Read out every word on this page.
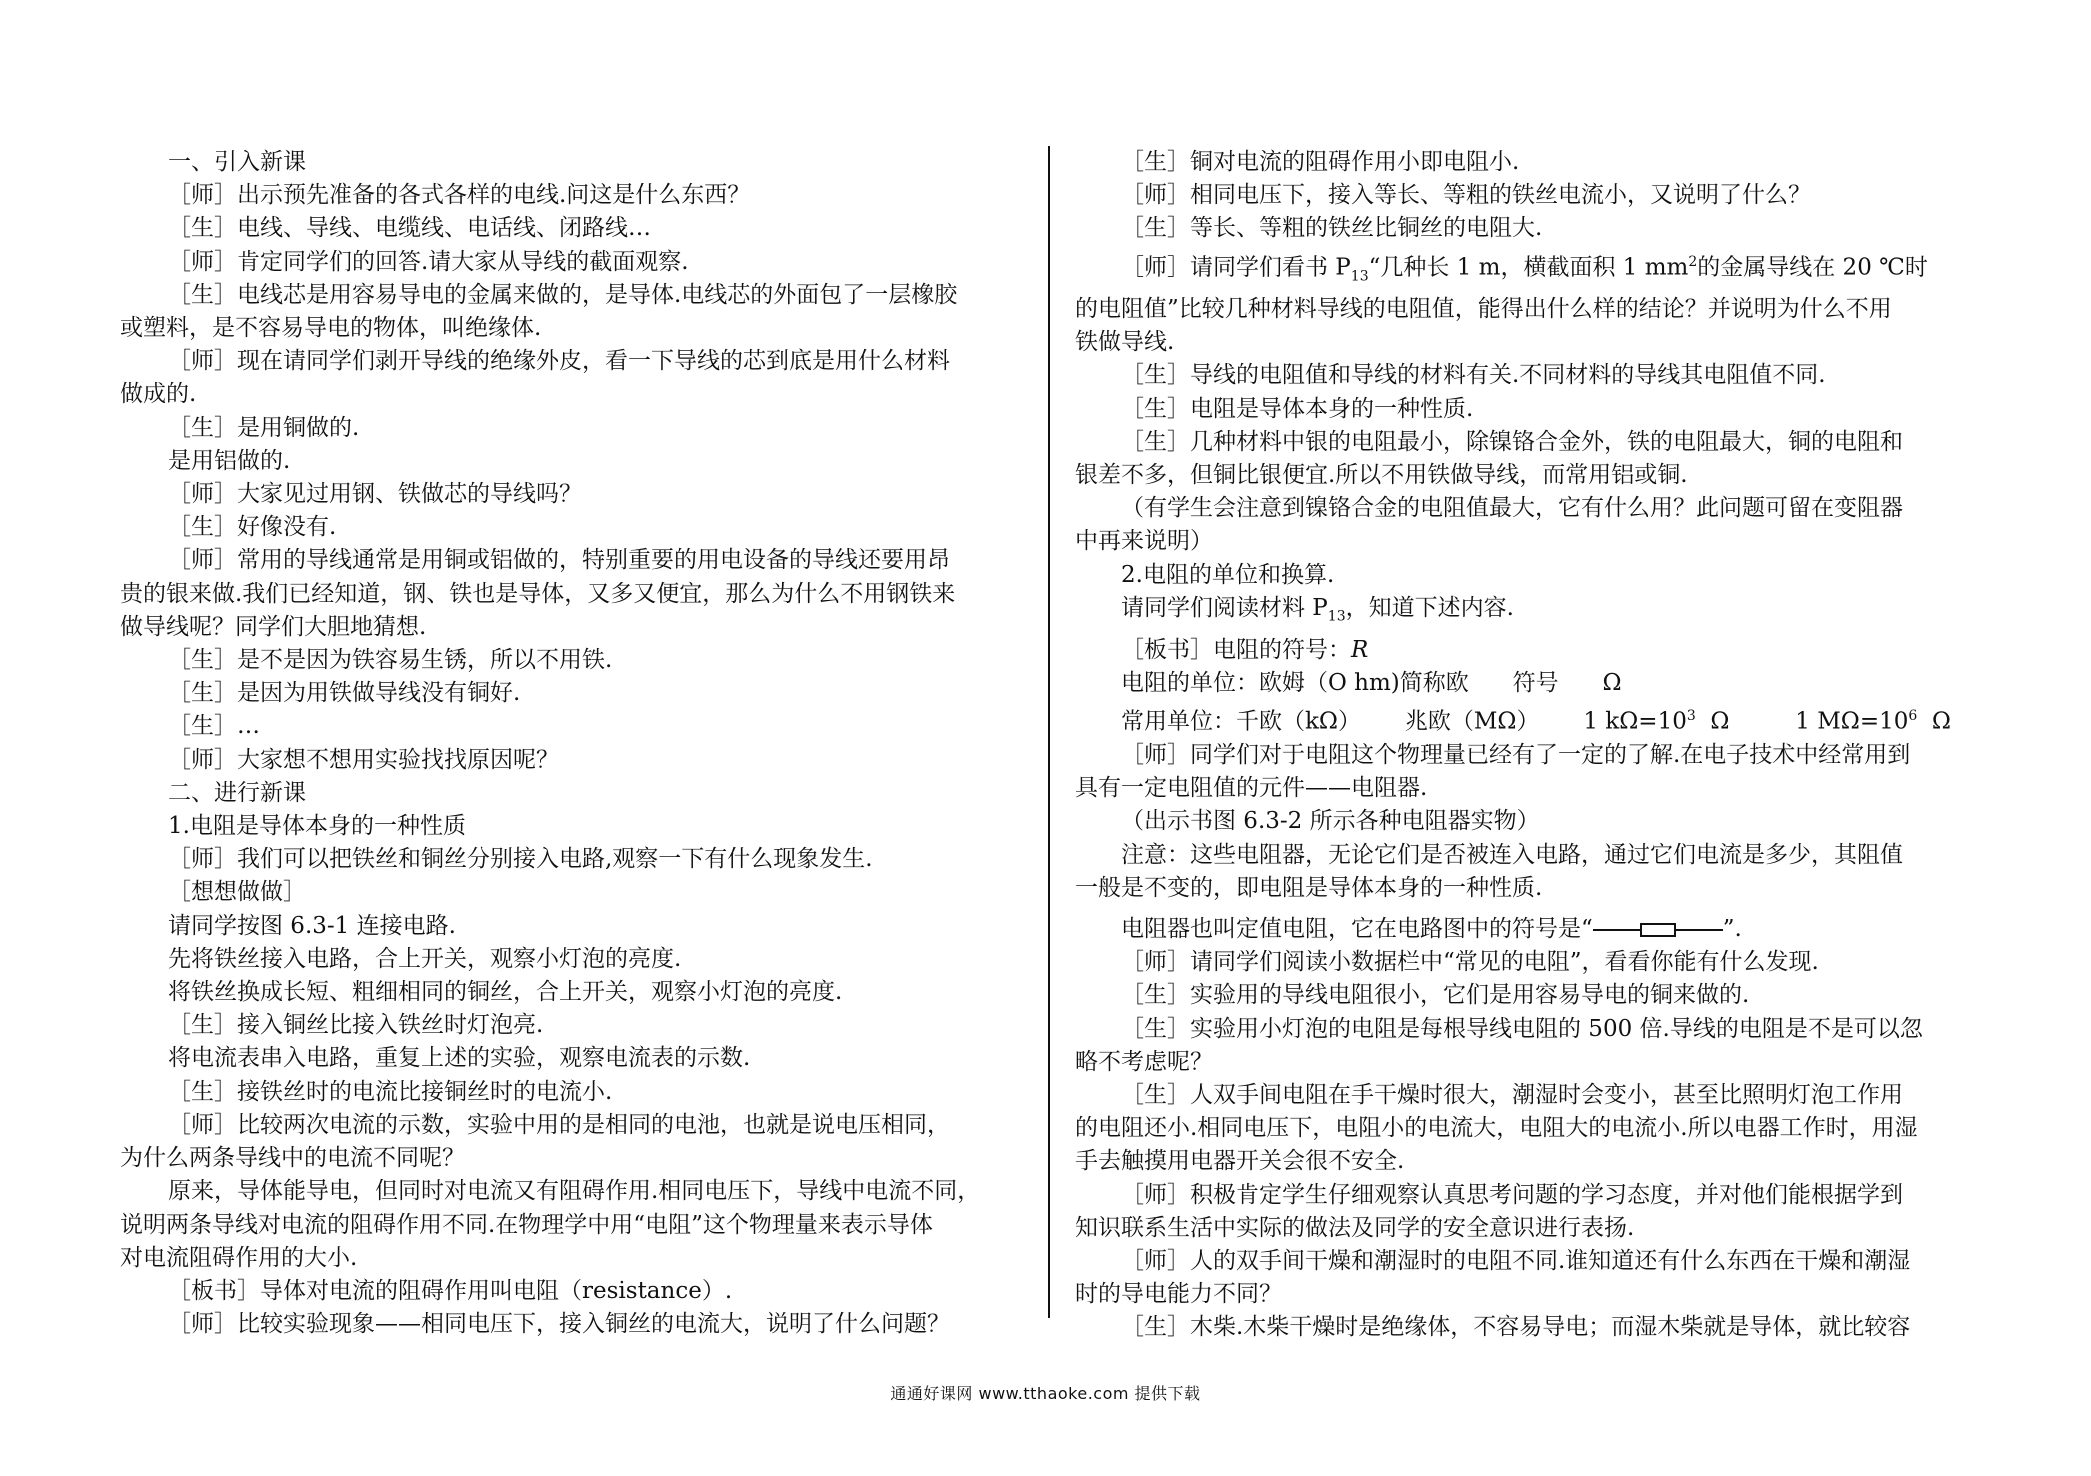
一、引入新课
［师］出示预先准备的各式各样的电线.问这是什么东西？
［生］电线、导线、电缆线、电话线、闭路线…
［师］肯定同学们的回答.请大家从导线的截面观察.
［生］电线芯是用容易导电的金属来做的，是导体.电线芯的外面包了一层橡胶
或塑料，是不容易导电的物体，叫绝缘体.
［师］现在请同学们剥开导线的绝缘外皮，看一下导线的芯到底是用什么材料
做成的.
［生］是用铜做的.
是用铝做的.
［师］大家见过用钢、铁做芯的导线吗？
［生］好像没有.
［师］常用的导线通常是用铜或铝做的，特别重要的用电设备的导线还要用昂
贵的银来做.我们已经知道，钢、铁也是导体，又多又便宜，那么为什么不用钢铁来
做导线呢？同学们大胆地猜想.
［生］是不是因为铁容易生锈，所以不用铁.
［生］是因为用铁做导线没有铜好.
［生］…
［师］大家想不想用实验找找原因呢？
二、进行新课
1.电阻是导体本身的一种性质
［师］我们可以把铁丝和铜丝分别接入电路,观察一下有什么现象发生.
［想想做做］
请同学按图 6.3-1 连接电路.
先将铁丝接入电路，合上开关，观察小灯泡的亮度.
将铁丝换成长短、粗细相同的铜丝，合上开关，观察小灯泡的亮度.
［生］接入铜丝比接入铁丝时灯泡亮.
将电流表串入电路，重复上述的实验，观察电流表的示数.
［生］接铁丝时的电流比接铜丝时的电流小.
［师］比较两次电流的示数，实验中用的是相同的电池，也就是说电压相同，
为什么两条导线中的电流不同呢？
原来，导体能导电，但同时对电流又有阻碍作用.相同电压下，导线中电流不同，
说明两条导线对电流的阻碍作用不同.在物理学中用“电阻”这个物理量来表示导体
对电流阻碍作用的大小.
［板书］导体对电流的阻碍作用叫电阻（resistance）.
［师］比较实验现象——相同电压下，接入铜丝的电流大，说明了什么问题？
［生］铜对电流的阻碍作用小即电阻小.
［师］相同电压下，接入等长、等粗的铁丝电流小，又说明了什么？
［生］等长、等粗的铁丝比铜丝的电阻大.
［师］请同学们看书 $P_{13}“$几种长 1 m，横截面积 1 $mm^2$的金属导线在 20 ℃时
的电阻值”比较几种材料导线的电阻值，能得出什么样的结论？并说明为什么不用
铁做导线.
［生］导线的电阻值和导线的材料有关.不同材料的导线其电阻值不同.
［生］电阻是导体本身的一种性质.
［生］几种材料中银的电阻最小，除镍铬合金外，铁的电阻最大，铜的电阻和
银差不多，但铜比银便宜.所以不用铁做导线，而常用铝或铜.
（有学生会注意到镍铬合金的电阻值最大，它有什么用？此问题可留在变阻器
中再来说明）
2.电阻的单位和换算.
请同学们阅读材料 $P_{13}$，知道下述内容.
［板书］电阻的符号：R
电阻的单位：欧姆（O hm)简称欧      符号      Ω
常用单位：千欧（kΩ）      兆欧（MΩ）      1 $k\Omega=10^3$  Ω         1 $M\Omega=10^6$  Ω
［师］同学们对于电阻这个物理量已经有了一定的了解.在电子技术中经常用到
具有一定电阻值的元件——电阻器.
（出示书图 6.3-2 所示各种电阻器实物）
注意：这些电阻器，无论它们是否被连入电路，通过它们电流是多少，其阻值
一般是不变的，即电阻是导体本身的一种性质.
电阻器也叫定值电阻，它在电路图中的符号是“	”.
［师］请同学们阅读小数据栏中“常见的电阻”，看看你能有什么发现.
［生］实验用的导线电阻很小，它们是用容易导电的铜来做的.
［生］实验用小灯泡的电阻是每根导线电阻的 500 倍.导线的电阻是不是可以忽
略不考虑呢？
［生］人双手间电阻在手干燥时很大，潮湿时会变小，甚至比照明灯泡工作用
的电阻还小.相同电压下，电阻小的电流大，电阻大的电流小.所以电器工作时，用湿
手去触摸用电器开关会很不安全.
［师］积极肯定学生仔细观察认真思考问题的学习态度，并对他们能根据学到
知识联系生活中实际的做法及同学的安全意识进行表扬.
［师］人的双手间干燥和潮湿时的电阻不同.谁知道还有什么东西在干燥和潮湿
时的导电能力不同？
［生］木柴.木柴干燥时是绝缘体，不容易导电；而湿木柴就是导体，就比较容
通通好课网 www.tthaoke.com 提供下载
